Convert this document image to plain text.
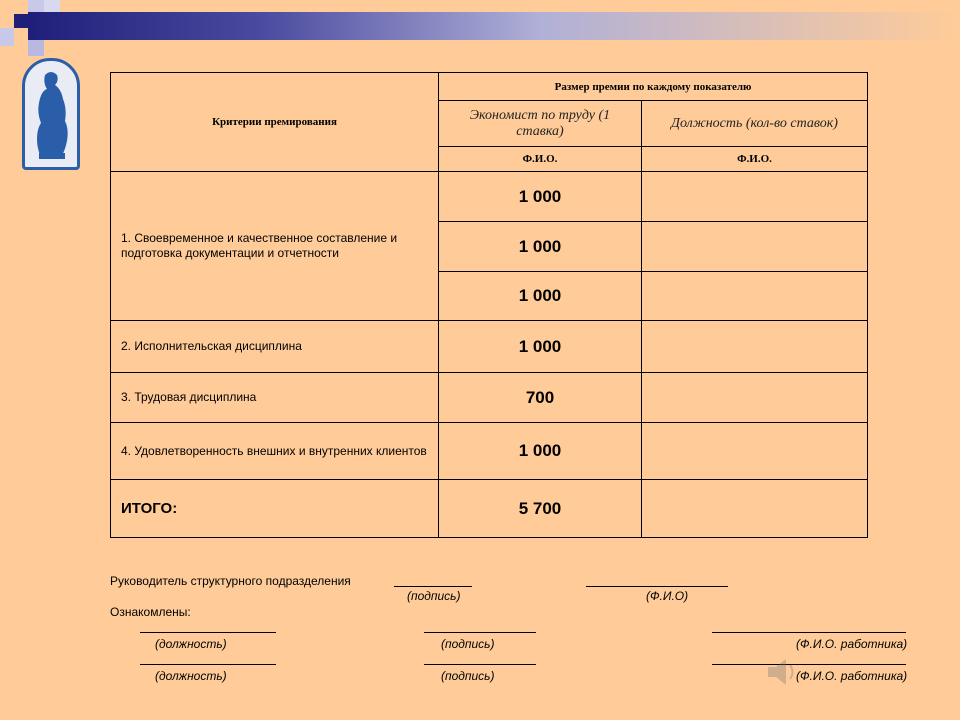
Критерии премирования	Размер премии по каждому показателю	
	Экономист по труду (1 ставка)	Должность (кол-во ставок)
	Ф.И.О.	Ф.И.О.
1. Своевременное и качественное составление и подготовка документации и отчетности	1 000	
	1 000	
	1 000	
2. Исполнительская дисциплина	1 000	
3. Трудовая дисциплина	700	
4. Удовлетворенность внешних и внутренних клиентов	1 000	
ИТОГО:	5 700	
Руководитель структурного подразделения
(подпись)	(Ф.И.О)
Ознакомлены:
(должность)	(подпись)	(Ф.И.О. работника)
(должность)	(подпись)	(Ф.И.О. работника)
